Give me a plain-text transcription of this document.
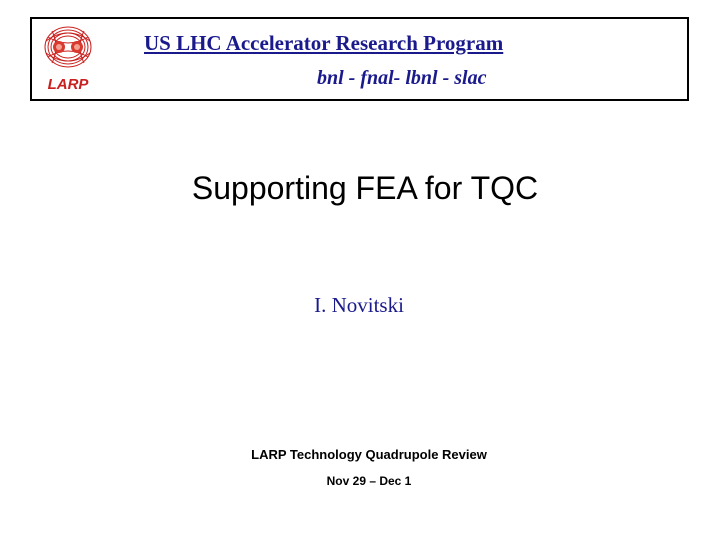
LARP
US LHC Accelerator Research Program
bnl - fnal- lbnl - slac
Supporting FEA for TQC
I. Novitski
LARP Technology Quadrupole Review
Nov 29 – Dec 1
